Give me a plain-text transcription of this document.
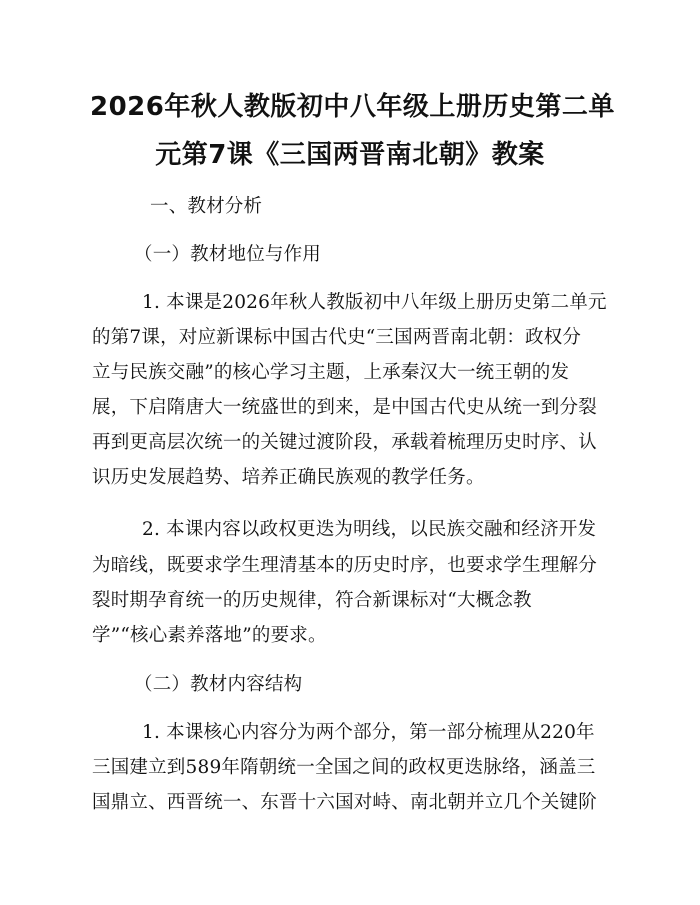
2026年秋人教版初中八年级上册历史第二单
元第7课《三国两晋南北朝》教案
一、教材分析
（一）教材地位与作用
1. 本课是2026年秋人教版初中八年级上册历史第二单元
的第7课，对应新课标中国古代史“三国两晋南北朝：政权分
立与民族交融”的核心学习主题，上承秦汉大一统王朝的发
展，下启隋唐大一统盛世的到来，是中国古代史从统一到分裂
再到更高层次统一的关键过渡阶段，承载着梳理历史时序、认
识历史发展趋势、培养正确民族观的教学任务。
2. 本课内容以政权更迭为明线，以民族交融和经济开发
为暗线，既要求学生理清基本的历史时序，也要求学生理解分
裂时期孕育统一的历史规律，符合新课标对“大概念教
学”“核心素养落地”的要求。
（二）教材内容结构
1. 本课核心内容分为两个部分，第一部分梳理从220年
三国建立到589年隋朝统一全国之间的政权更迭脉络，涵盖三
国鼎立、西晋统一、东晋十六国对峙、南北朝并立几个关键阶
